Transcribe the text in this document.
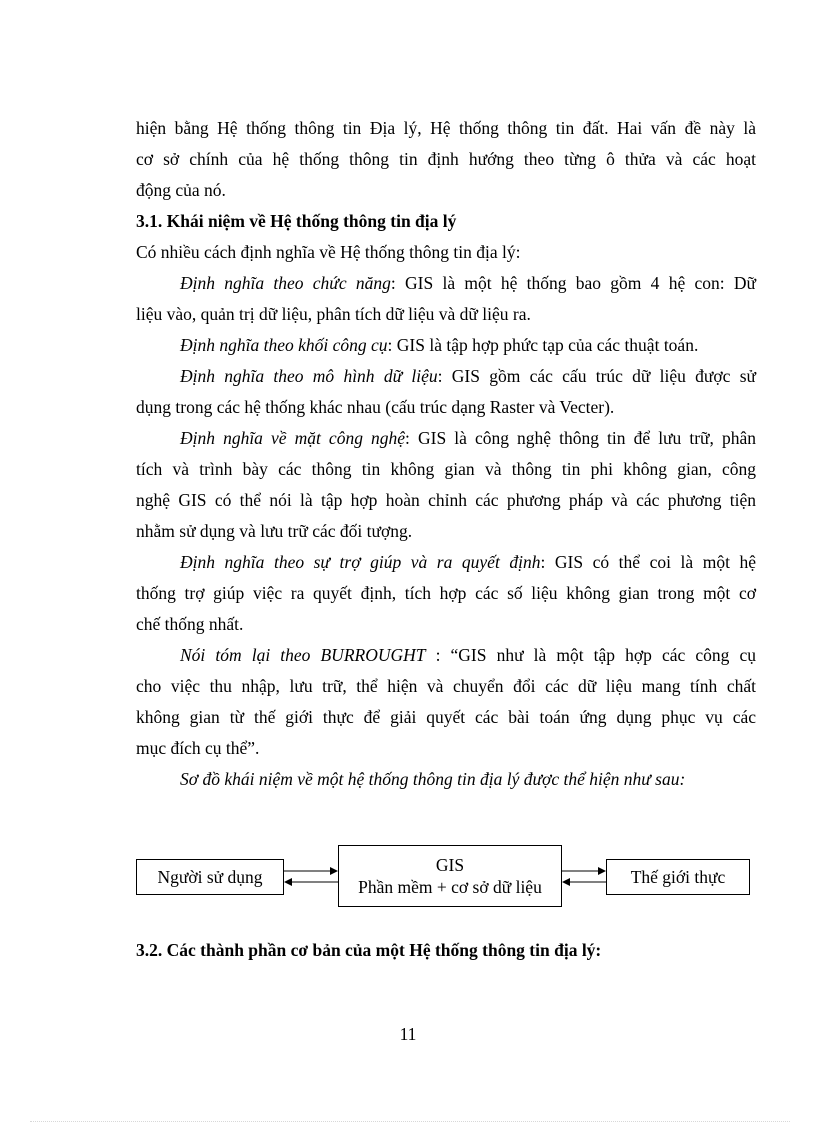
hiện bằng Hệ thống thông tin Địa lý, Hệ thống thông tin đất. Hai vấn đề này là
cơ sở chính của hệ thống thông tin định hướng theo từng ô thửa và các hoạt
động của nó.
3.1. Khái niệm về Hệ thống thông tin địa lý
Có nhiều cách định nghĩa về Hệ thống thông tin địa lý:
Định nghĩa theo chức năng: GIS là một hệ thống bao gồm 4 hệ con: Dữ
liệu vào, quản trị dữ liệu, phân tích dữ liệu và dữ liệu ra.
Định nghĩa theo khối công cụ: GIS là tập hợp phức tạp của các thuật toán.
Định nghĩa theo mô hình dữ liệu: GIS gồm các cấu trúc dữ liệu được sử
dụng trong các hệ thống khác nhau (cấu trúc dạng Raster và Vecter).
Định nghĩa về mặt công nghệ: GIS là công nghệ thông tin để lưu trữ, phân
tích và trình bày các thông tin không gian và thông tin phi không gian, công
nghệ GIS có thể nói là tập hợp hoàn chỉnh các phương pháp và các phương tiện
nhằm sử dụng và lưu trữ các đối tượng.
Định nghĩa theo sự trợ giúp và ra quyết định: GIS có thể coi là một hệ
thống trợ giúp việc ra quyết định, tích hợp các số liệu không gian trong một cơ
chế thống nhất.
Nói tóm lại theo BURROUGHT : “GIS như là một tập hợp các công cụ
cho việc thu nhập, lưu trữ, thể hiện và chuyển đổi các dữ liệu mang tính chất
không gian từ thế giới thực để giải quyết các bài toán ứng dụng phục vụ các
mục đích cụ thể”.
Sơ đồ khái niệm về một hệ thống thông tin địa lý được thể hiện như sau:
Người sử dụng
GIS
Phần mềm + cơ sở dữ liệu	Thế giới thực
3.2. Các thành phần cơ bản của một Hệ thống thông tin địa lý:
11
